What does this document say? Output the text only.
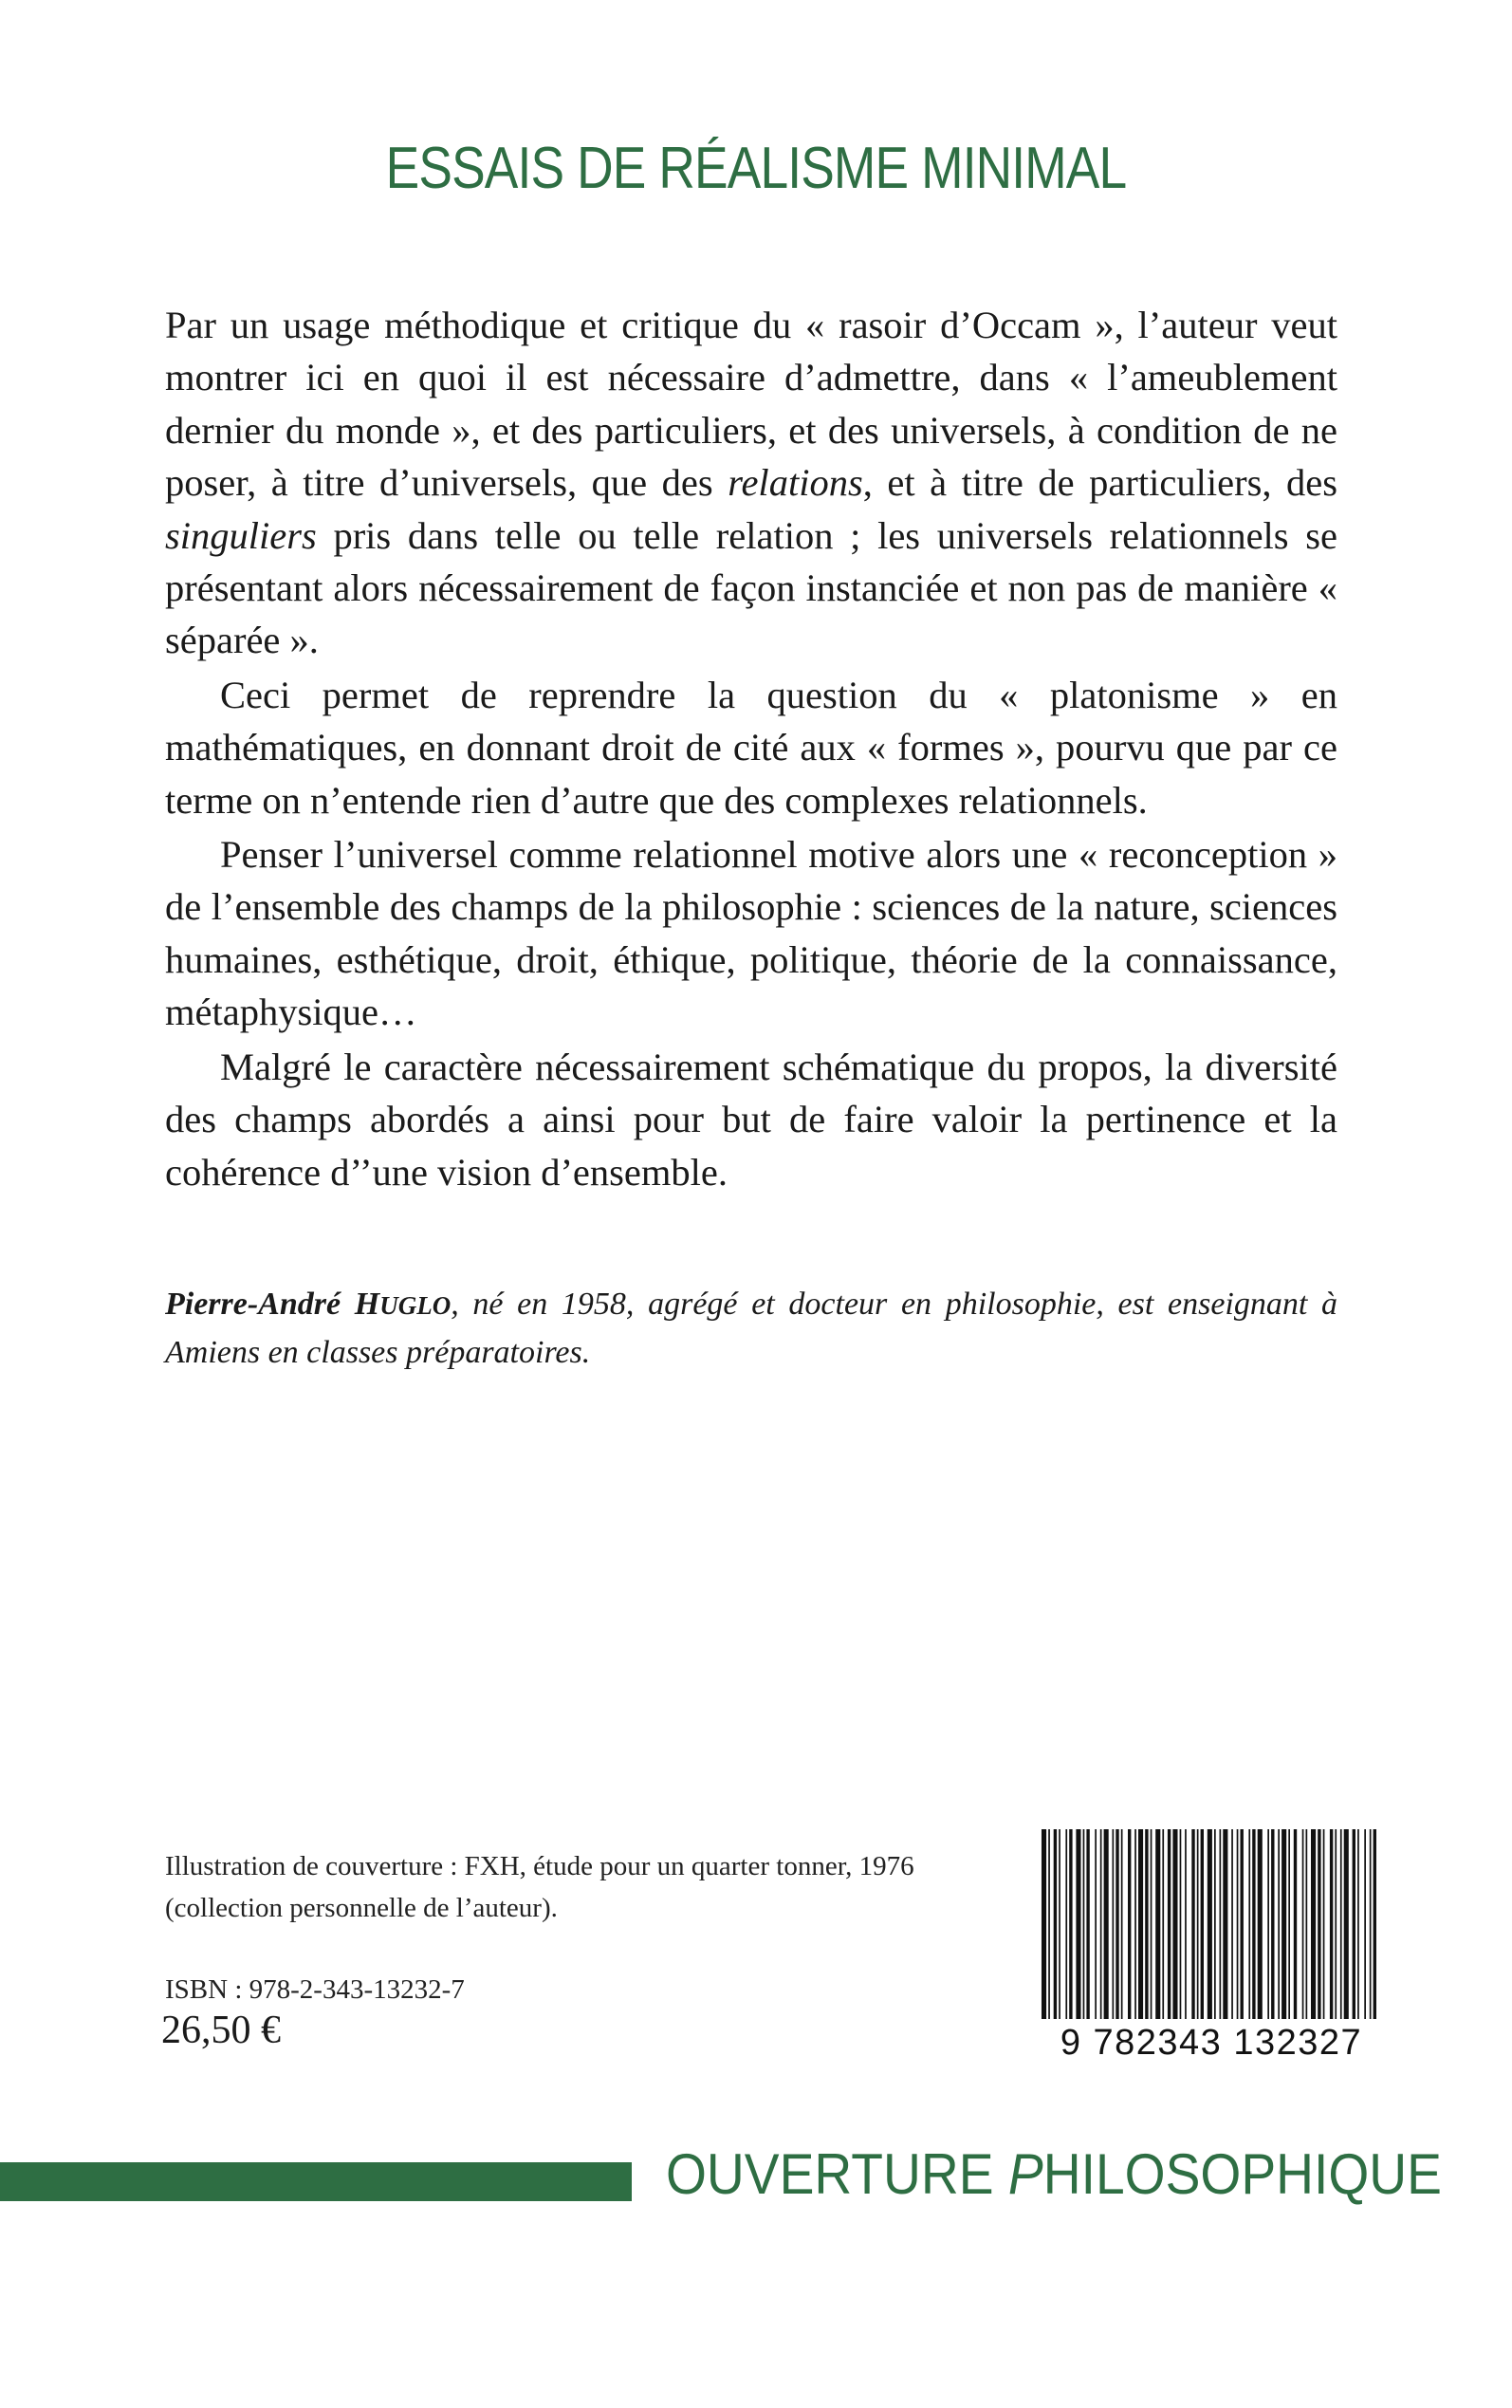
ESSAIS DE RÉALISME MINIMAL

Par un usage méthodique et critique du « rasoir d’Occam », l’auteur veut montrer ici en quoi il est nécessaire d’admettre, dans « l’ameublement dernier du monde », et des particuliers, et des universels, à condition de ne poser, à titre d’universels, que des relations, et à titre de particuliers, des singuliers pris dans telle ou telle relation ; les universels relationnels se présentant alors nécessairement de façon instanciée et non pas de manière « séparée ».

Ceci permet de reprendre la question du « platonisme » en mathématiques, en donnant droit de cité aux « formes », pourvu que par ce terme on n’entende rien d’autre que des complexes relationnels.

Penser l’universel comme relationnel motive alors une « reconception » de l’ensemble des champs de la philosophie : sciences de la nature, sciences humaines, esthétique, droit, éthique, politique, théorie de la connaissance, métaphysique…

Malgré le caractère nécessairement schématique du propos, la diversité des champs abordés a ainsi pour but de faire valoir la pertinence et la cohérence d’’une vision d’ensemble.

Pierre-André HUGLO, né en 1958, agrégé et docteur en philosophie, est enseignant à Amiens en classes préparatoires.
Illustration de couverture : FXH, étude pour un quarter tonner, 1976 (collection personnelle de l’auteur).
ISBN : 978-2-343-13232-7
26,50 €	9 782343 132327
OUVERTURE PHILOSOPHIQUE
